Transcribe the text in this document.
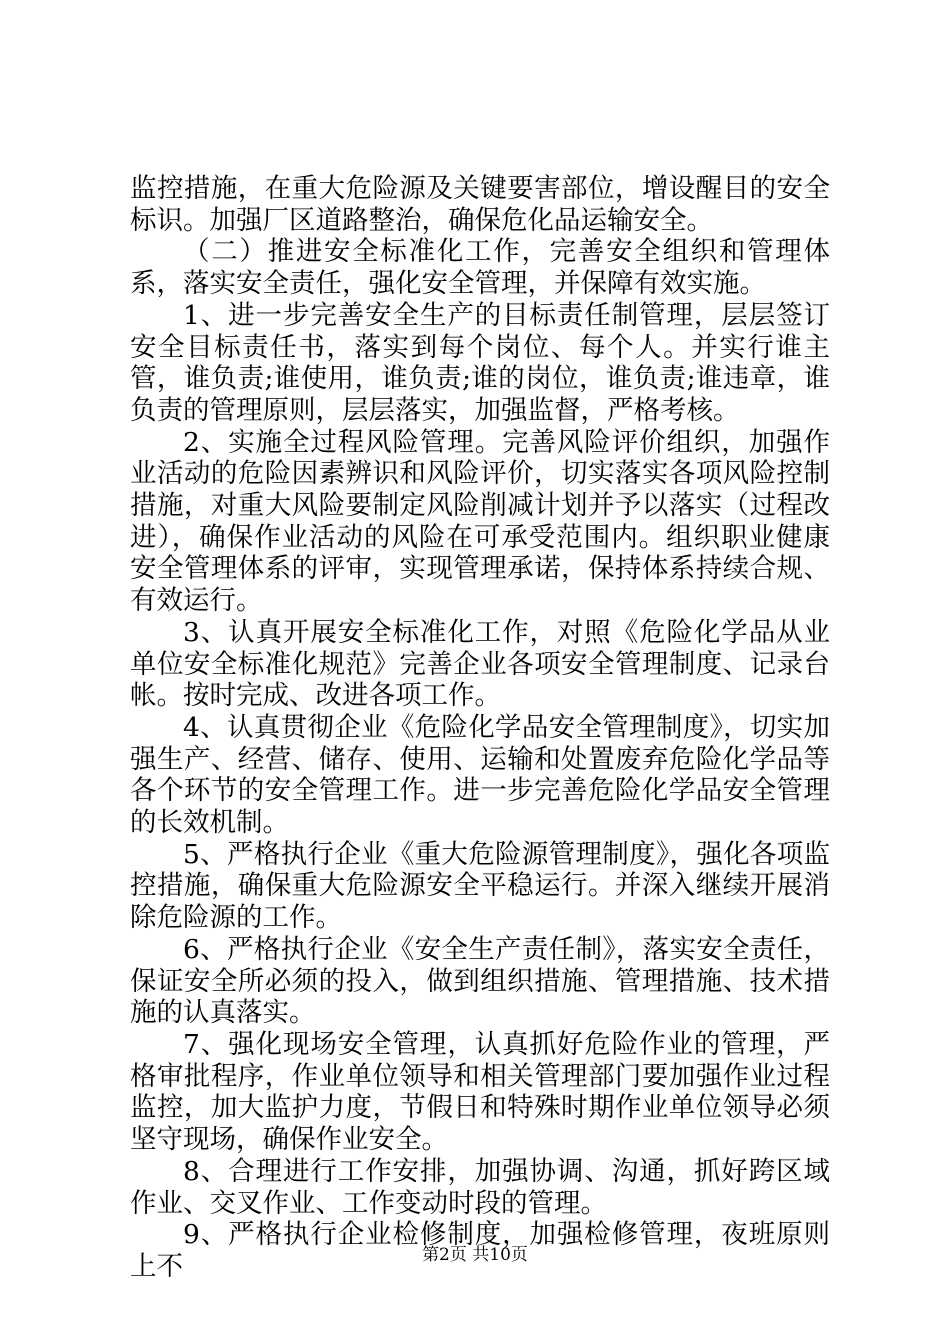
监控措施，在重大危险源及关键要害部位，增设醒目的安全标识。加强厂区道路整治，确保危化品运输安全。

（二）推进安全标准化工作，完善安全组织和管理体系，落实安全责任，强化安全管理，并保障有效实施。

1、进一步完善安全生产的目标责任制管理，层层签订安全目标责任书，落实到每个岗位、每个人。并实行谁主管，谁负责;谁使用，谁负责;谁的岗位，谁负责;谁违章，谁负责的管理原则，层层落实，加强监督，严格考核。

2、实施全过程风险管理。完善风险评价组织，加强作业活动的危险因素辨识和风险评价，切实落实各项风险控制措施，对重大风险要制定风险削减计划并予以落实（过程改进），确保作业活动的风险在可承受范围内。组织职业健康安全管理体系的评审，实现管理承诺，保持体系持续合规、有效运行。

3、认真开展安全标准化工作，对照《危险化学品从业单位安全标准化规范》完善企业各项安全管理制度、记录台帐。按时完成、改进各项工作。

4、认真贯彻企业《危险化学品安全管理制度》，切实加强生产、经营、储存、使用、运输和处置废弃危险化学品等各个环节的安全管理工作。进一步完善危险化学品安全管理的长效机制。

5、严格执行企业《重大危险源管理制度》，强化各项监控措施，确保重大危险源安全平稳运行。并深入继续开展消除危险源的工作。

6、严格执行企业《安全生产责任制》，落实安全责任，保证安全所必须的投入，做到组织措施、管理措施、技术措施的认真落实。

7、强化现场安全管理，认真抓好危险作业的管理，严格审批程序，作业单位领导和相关管理部门要加强作业过程监控，加大监护力度，节假日和特殊时期作业单位领导必须坚守现场，确保作业安全。

8、合理进行工作安排，加强协调、沟通，抓好跨区域作业、交叉作业、工作变动时段的管理。

9、严格执行企业检修制度，加强检修管理，夜班原则上不	第2页 共10页
